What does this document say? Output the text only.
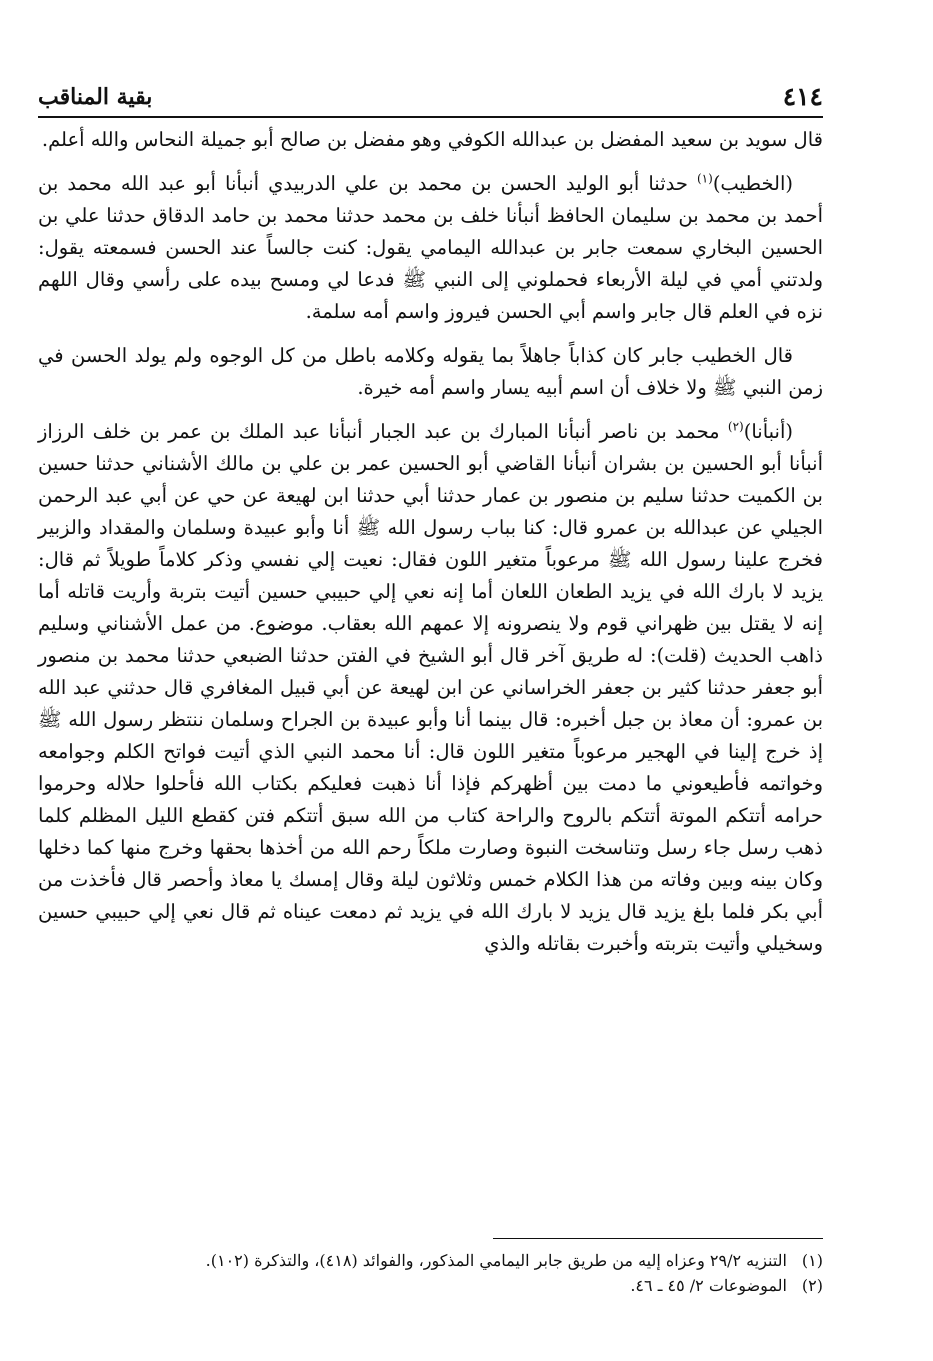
٤١٤
بقية المناقب

قال سويد بن سعيد المفضل بن عبدالله الكوفي وهو مفضل بن صالح أبو جميلة النحاس والله أعلم.

(الخطيب)$^{(١)}$ حدثنا أبو الوليد الحسن بن محمد بن علي الدربيدي أنبأنا أبو عبد الله محمد بن أحمد بن محمد بن سليمان الحافظ أنبأنا خلف بن محمد حدثنا محمد بن حامد الدقاق حدثنا علي بن الحسين البخاري سمعت جابر بن عبدالله اليمامي يقول: كنت جالساً عند الحسن فسمعته يقول: ولدتني أمي في ليلة الأربعاء فحملوني إلى النبي ﷺ فدعا لي ومسح بيده على رأسي وقال اللهم نزه في العلم قال جابر واسم أبي الحسن فيروز واسم أمه سلمة.

قال الخطيب جابر كان كذاباً جاهلاً بما يقوله وكلامه باطل من كل الوجوه ولم يولد الحسن في زمن النبي ﷺ ولا خلاف أن اسم أبيه يسار واسم أمه خيرة.

(أنبأنا)$^{(٢)}$ محمد بن ناصر أنبأنا المبارك بن عبد الجبار أنبأنا عبد الملك بن عمر بن خلف الرزاز أنبأنا أبو الحسين بن بشران أنبأنا القاضي أبو الحسين عمر بن علي بن مالك الأشناني حدثنا حسين بن الكميت حدثنا سليم بن منصور بن عمار حدثنا أبي حدثنا ابن لهيعة عن حي عن أبي عبد الرحمن الجيلي عن عبدالله بن عمرو قال: كنا بباب رسول الله ﷺ أنا وأبو عبيدة وسلمان والمقداد والزبير فخرج علينا رسول الله ﷺ مرعوباً متغير اللون فقال: نعيت إلي نفسي وذكر كلاماً طويلاً ثم قال: يزيد لا بارك الله في يزيد الطعان اللعان أما إنه نعي إلي حبيبي حسين أتيت بتربة وأريت قاتله أما إنه لا يقتل بين ظهراني قوم ولا ينصرونه إلا عمهم الله بعقاب. موضوع. من عمل الأشناني وسليم ذاهب الحديث (قلت): له طريق آخر قال أبو الشيخ في الفتن حدثنا الضبعي حدثنا محمد بن منصور أبو جعفر حدثنا كثير بن جعفر الخراساني عن ابن لهيعة عن أبي قبيل المغافري قال حدثني عبد الله بن عمرو: أن معاذ بن جبل أخبره: قال بينما أنا وأبو عبيدة بن الجراح وسلمان ننتظر رسول الله ﷺ إذ خرج إلينا في الهجير مرعوباً متغير اللون قال: أنا محمد النبي الذي أتيت فواتح الكلم وجوامعه وخواتمه فأطيعوني ما دمت بين أظهركم فإذا أنا ذهبت فعليكم بكتاب الله فأحلوا حلاله وحرموا حرامه أتتكم الموتة أتتكم بالروح والراحة كتاب من الله سبق أتتكم فتن كقطع الليل المظلم كلما ذهب رسل جاء رسل وتناسخت النبوة وصارت ملكاً رحم الله من أخذها بحقها وخرج منها كما دخلها وكان بينه وبين وفاته من هذا الكلام خمس وثلاثون ليلة وقال إمسك يا معاذ وأحصر قال فأخذت من أبي بكر فلما بلغ يزيد قال يزيد لا بارك الله في يزيد ثم دمعت عيناه ثم قال نعي إلي حبيبي حسين وسخيلي وأتيت بتربته وأخبرت بقاتله والذي

(١)
التنزيه ٢٩/٢ وعزاه إليه من طريق جابر اليمامي المذكور، والفوائد (٤١٨)، والتذكرة (١٠٢).
(٢)
الموضوعات ٢/ ٤٥ ـ ٤٦.
